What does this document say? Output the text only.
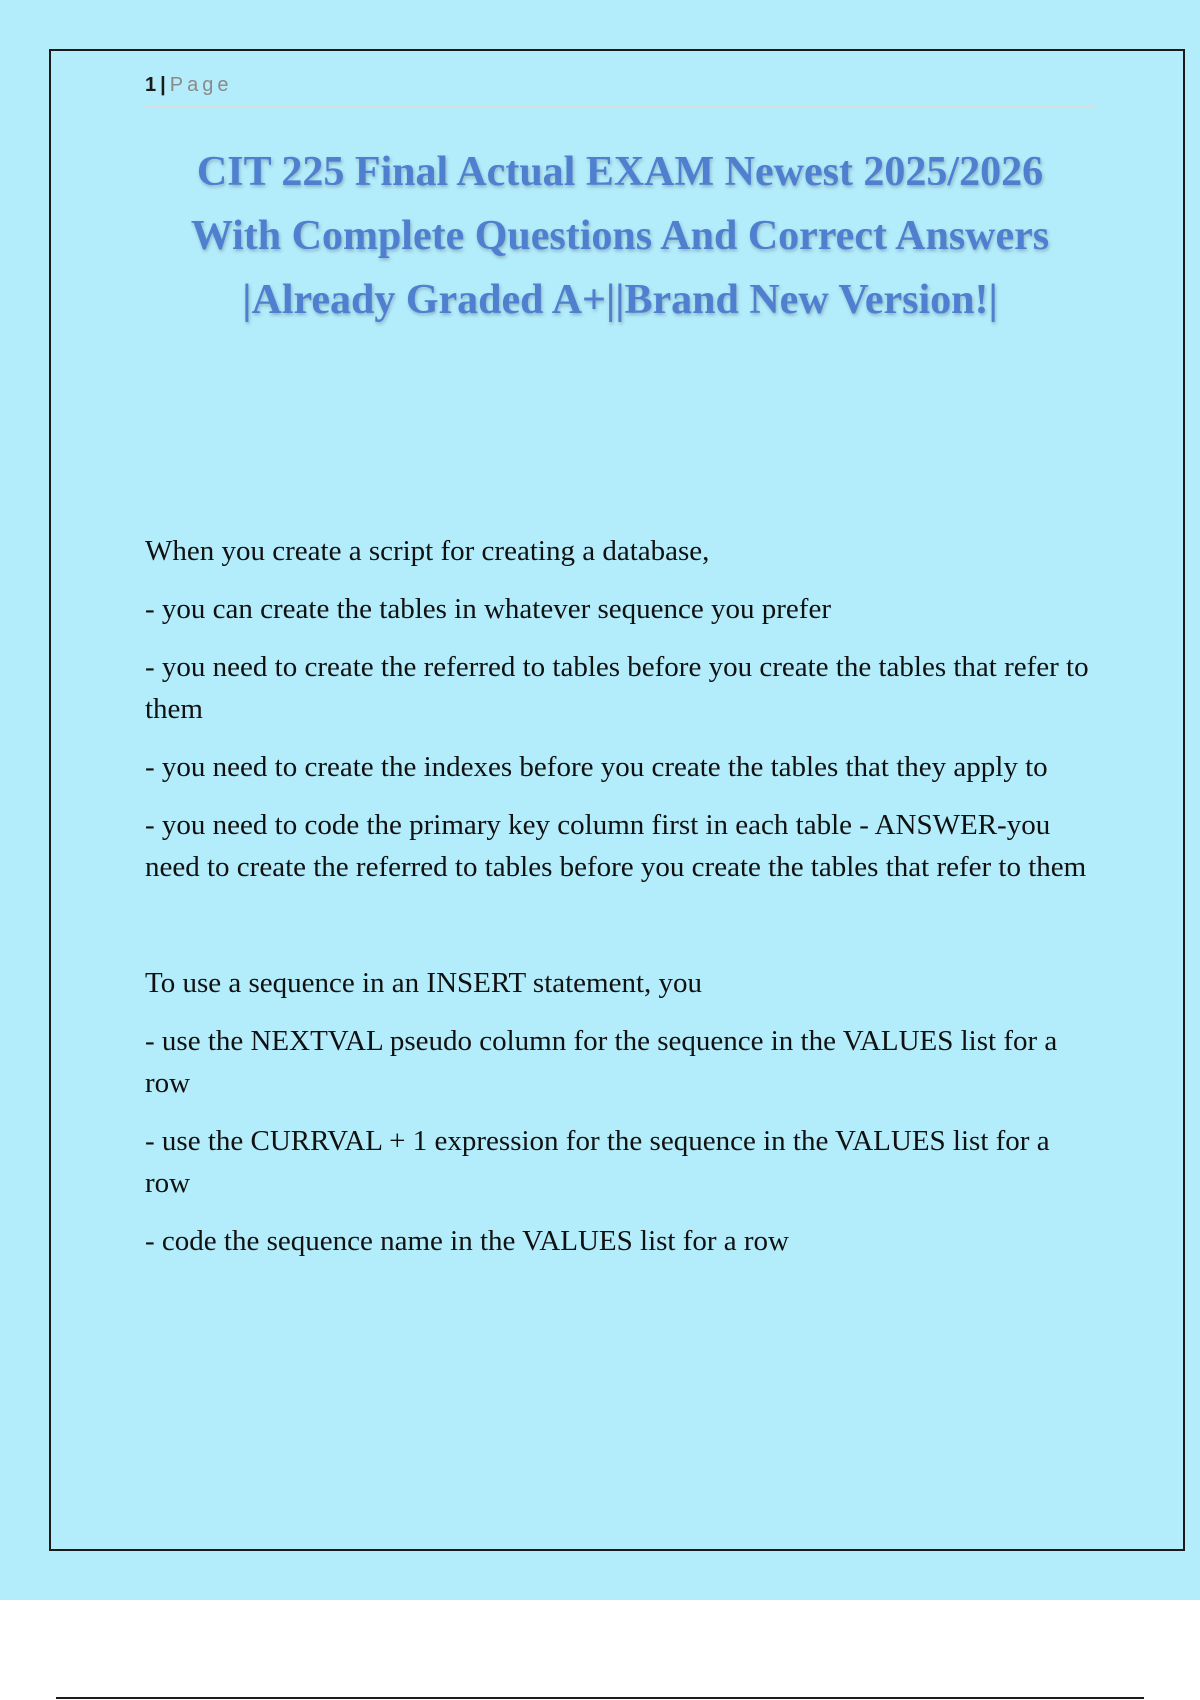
1 | Page
CIT 225 Final Actual EXAM Newest 2025/2026
With Complete Questions And Correct Answers
|Already Graded A+||Brand New Version!|

When you create a script for creating a database,

- you can create the tables in whatever sequence you prefer

- you need to create the referred to tables before you create the tables that refer to them

- you need to create the indexes before you create the tables that they apply to

- you need to code the primary key column first in each table - ANSWER-you need to create the referred to tables before you create the tables that refer to them

To use a sequence in an INSERT statement, you

- use the NEXTVAL pseudo column for the sequence in the VALUES list for a row

- use the CURRVAL + 1 expression for the sequence in the VALUES list for a row

- code the sequence name in the VALUES list for a row
